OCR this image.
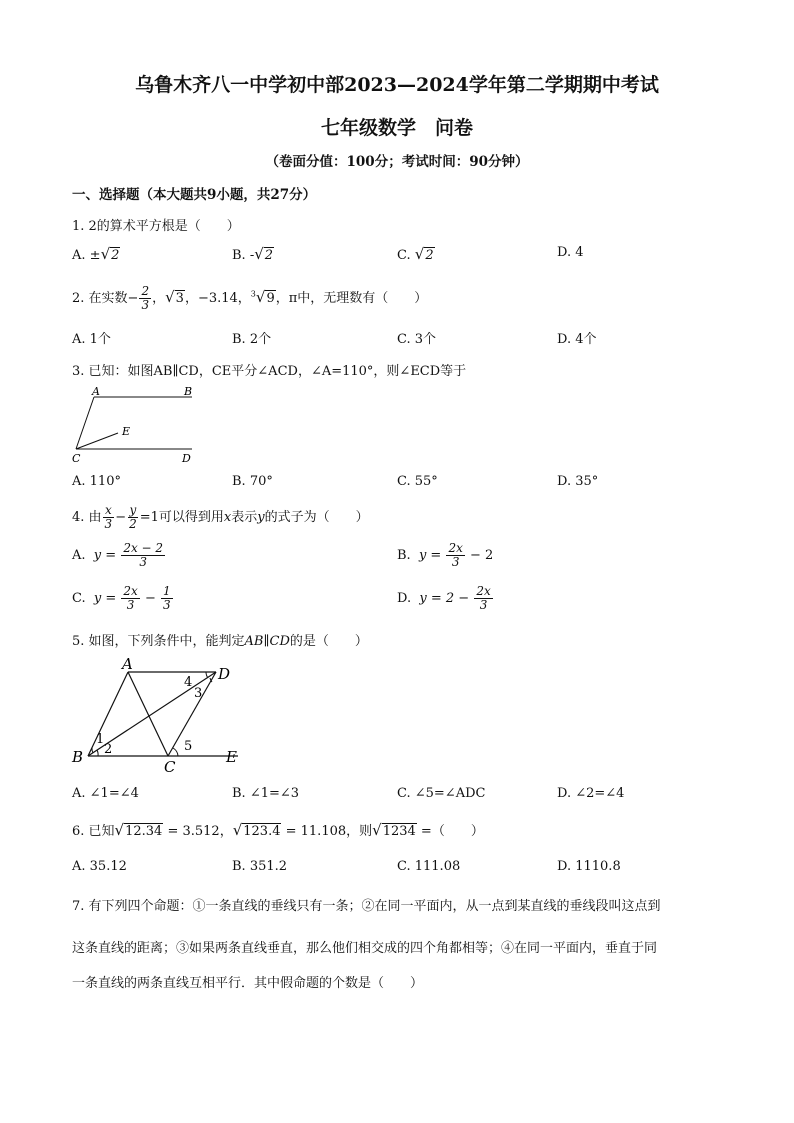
乌鲁木齐八一中学初中部2023—2024学年第二学期期中考试
七年级数学　问卷
（卷面分值：100分；考试时间：90分钟）
一、选择题（本大题共9小题，共27分）
1. 2的算术平方根是（　　）
A. ±√2	B. -√2	C. √2	D. 4
2. 在实数− $\frac{2}{3}$ ，√3，−3.14，$^3$√9，π中，无理数有（　　）
A. 1个	B. 2个	C. 3个	D. 4个
3. 已知：如图AB∥CD，CE平分∠ACD，∠A=110°，则∠ECD等于
A	B
C	D
E
A. 110°	B. 70°	C. 55°	D. 35°
4. 由 $\frac{x}{3} - \frac{y}{2} =1$可以得到用x表示y的式子为（　　）
A. $y = \frac{2x - 2}{3}$	B. $y = \frac{2x}{3} - 2$
C. $y = \frac{2x}{3} - \frac{1}{3}$	D. $y = 2 - \frac{2x}{3}$
5. 如图，下列条件中，能判定AB∥CD的是（　　）
A
D
B
C
E
1
2
3
4
5
A. ∠1=∠4	B. ∠1=∠3	C. ∠5=∠ADC	D. ∠2=∠4
6. 已知√12.34 = 3.512，√123.4 = 11.108，则√1234 =（　　）
A. 35.12	B. 351.2	C. 111.08	D. 1110.8
7. 有下列四个命题：①一条直线的垂线只有一条；②在同一平面内，从一点到某直线的垂线段叫这点到
这条直线的距离；③如果两条直线垂直，那么他们相交成的四个角都相等；④在同一平面内，垂直于同
一条直线的两条直线互相平行．其中假命题的个数是（　　）
